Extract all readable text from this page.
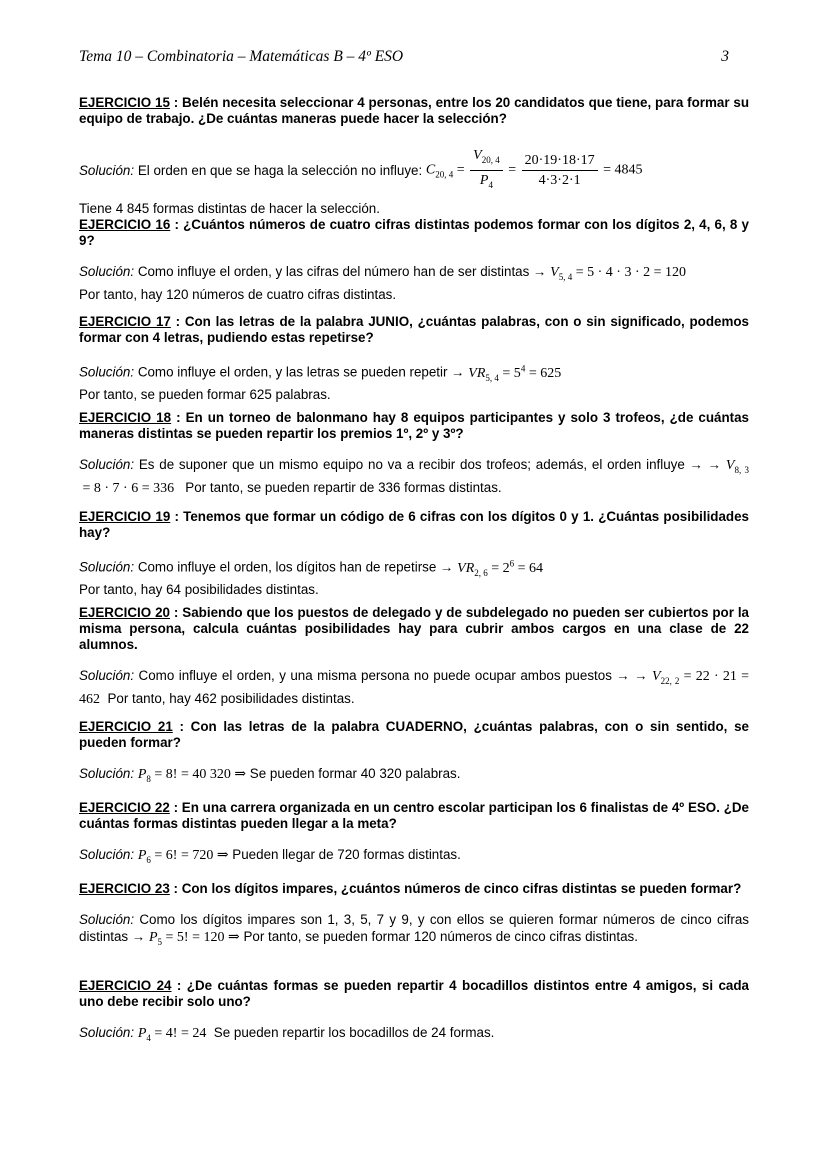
Tema 10 – Combinatoria – Matemáticas B – 4º ESO	3
EJERCICIO 15 : Belén necesita seleccionar 4 personas, entre los 20 candidatos que tiene, para formar su equipo de trabajo. ¿De cuántas maneras puede hacer la selección?
Solución: El orden en que se haga la selección no influye: $C_{20, 4} = \frac{V_{20, 4}}{P_4} = \frac{20\cdot 19\cdot 18\cdot 17}{4\cdot 3\cdot 2\cdot 1} = 4845$
Tiene 4 845 formas distintas de hacer la selección.
EJERCICIO 16 : ¿Cuántos números de cuatro cifras distintas podemos formar con los dígitos 2, 4, 6, 8 y 9?
Solución: Como influye el orden, y las cifras del número han de ser distintas → $V_{5, 4} = 5 \cdot 4 \cdot 3 \cdot 2 = 120$
Por tanto, hay 120 números de cuatro cifras distintas.
EJERCICIO 17 : Con las letras de la palabra JUNIO, ¿cuántas palabras, con o sin significado, podemos formar con 4 letras, pudiendo estas repetirse?
Solución: Como influye el orden, y las letras se pueden repetir → $VR_{5, 4} = 5^4 = 625$
Por tanto, se pueden formar 625 palabras.
EJERCICIO 18 : En un torneo de balonmano hay 8 equipos participantes y solo 3 trofeos, ¿de cuántas maneras distintas se pueden repartir los premios 1º, 2º y 3º?
Solución: Es de suponer que un mismo equipo no va a recibir dos trofeos; además, el orden influye → → $V_{8, 3} = 8 \cdot 7 \cdot 6 = 336$   Por tanto, se pueden repartir de 336 formas distintas.
EJERCICIO 19 : Tenemos que formar un código de 6 cifras con los dígitos 0 y 1. ¿Cuántas posibilidades hay?
Solución: Como influye el orden, los dígitos han de repetirse → $VR_{2, 6} = 2^6 = 64$
Por tanto, hay 64 posibilidades distintas.
EJERCICIO 20 : Sabiendo que los puestos de delegado y de subdelegado no pueden ser cubiertos por la misma persona, calcula cuántas posibilidades hay para cubrir ambos cargos en una clase de 22 alumnos.
Solución: Como influye el orden, y una misma persona no puede ocupar ambos puestos → → $V_{22, 2} = 22 \cdot 21 = 462$  Por tanto, hay 462 posibilidades distintas.
EJERCICIO 21 : Con las letras de la palabra CUADERNO, ¿cuántas palabras, con o sin sentido, se pueden formar?
Solución: $P_8 = 8$! = 40 320 ⇒ Se pueden formar 40 320 palabras.
EJERCICIO 22 : En una carrera organizada en un centro escolar participan los 6 finalistas de 4º ESO. ¿De cuántas formas distintas pueden llegar a la meta?
Solución: $P_6 = 6$! = 720 ⇒ Pueden llegar de 720 formas distintas.
EJERCICIO 23 : Con los dígitos impares, ¿cuántos números de cinco cifras distintas se pueden formar?
Solución: Como los dígitos impares son 1, 3, 5, 7 y 9, y con ellos se quieren formar números de cinco cifras distintas → $P_5 = 5$! = 120 ⇒ Por tanto, se pueden formar 120 números de cinco cifras distintas.
EJERCICIO 24 : ¿De cuántas formas se pueden repartir 4 bocadillos distintos entre 4 amigos, si cada uno debe recibir solo uno?
Solución: $P_4 = 4$! = 24  Se pueden repartir los bocadillos de 24 formas.
